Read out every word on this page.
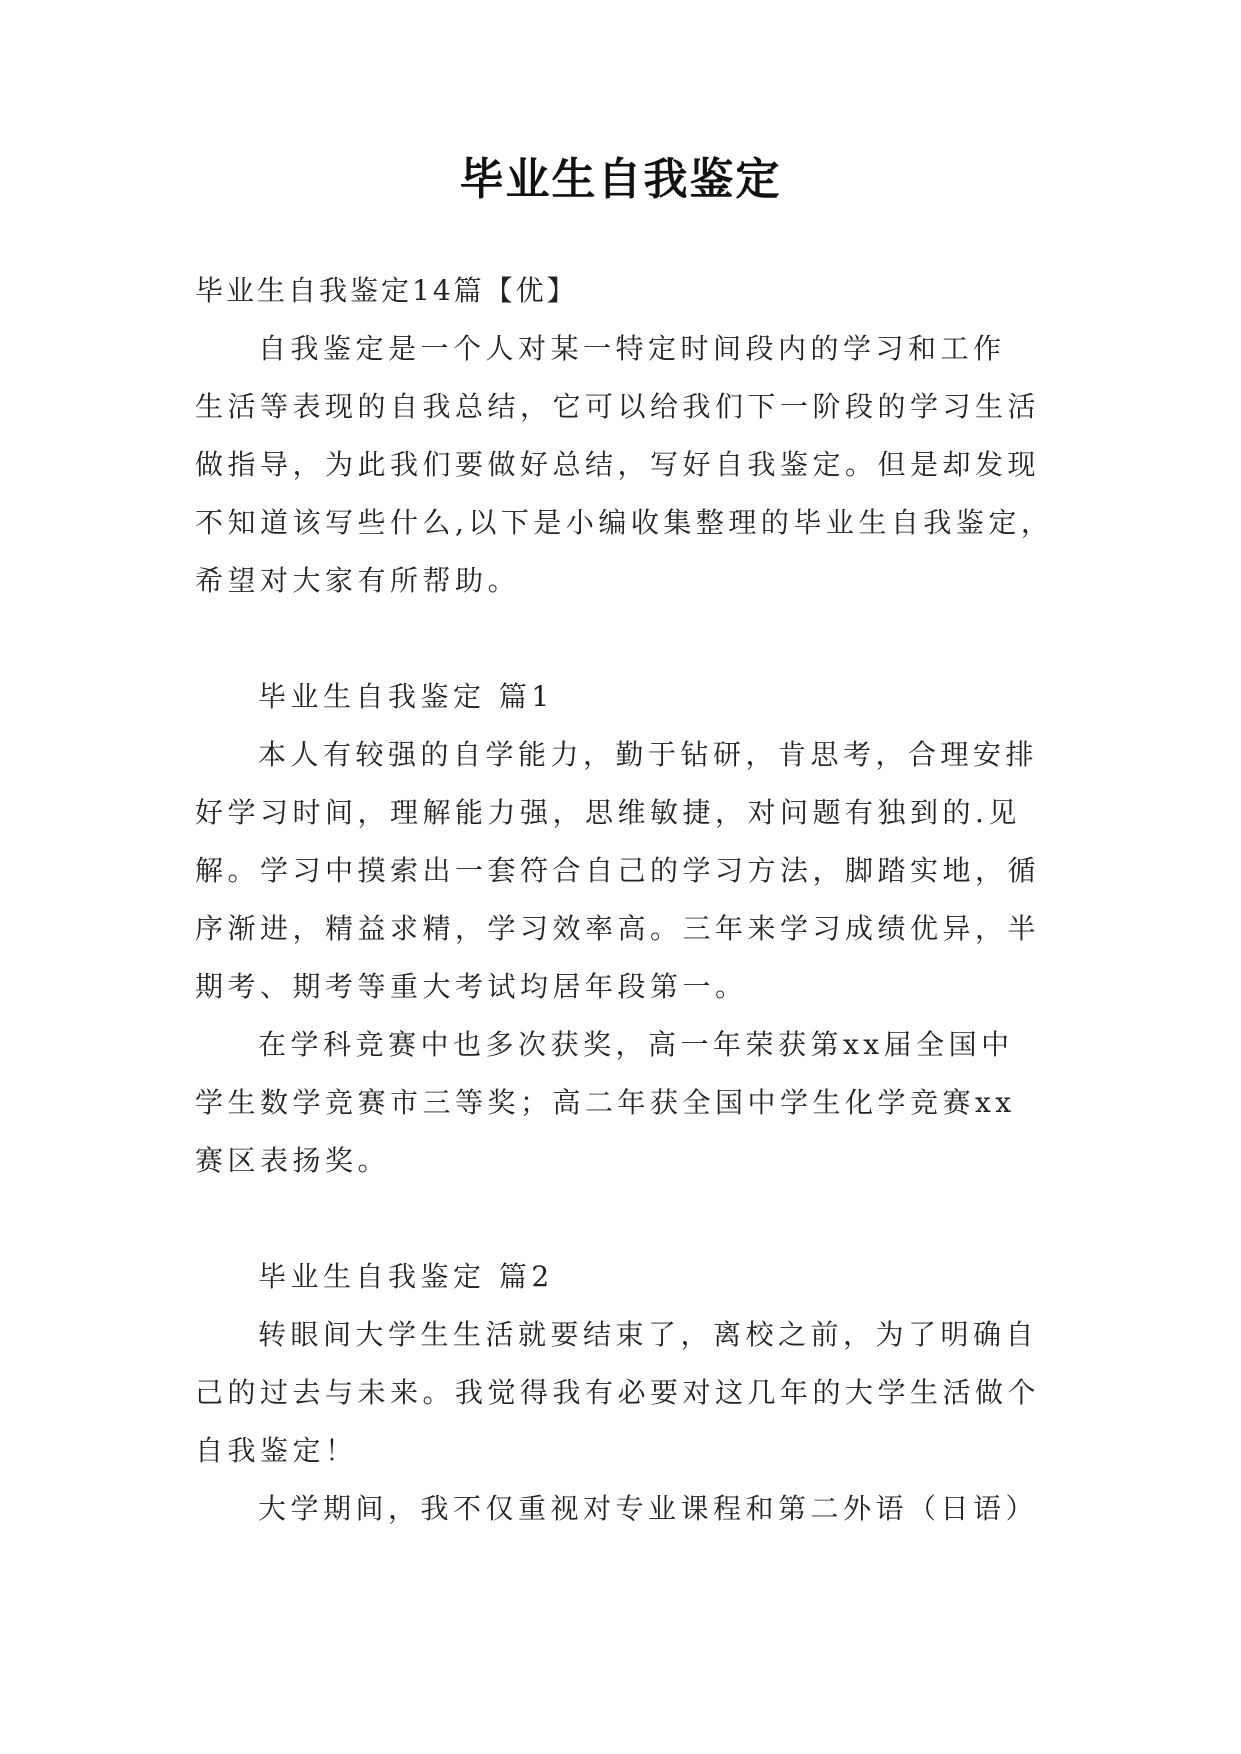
毕业生自我鉴定
毕业生自我鉴定14篇【优】
自我鉴定是一个人对某一特定时间段内的学习和工作
生活等表现的自我总结，它可以给我们下一阶段的学习生活
做指导，为此我们要做好总结，写好自我鉴定。但是却发现
不知道该写些什么,以下是小编收集整理的毕业生自我鉴定，
希望对大家有所帮助。
毕业生自我鉴定 篇1
本人有较强的自学能力，勤于钻研，肯思考，合理安排
好学习时间，理解能力强，思维敏捷，对问题有独到的.见
解。学习中摸索出一套符合自己的学习方法，脚踏实地，循
序渐进，精益求精，学习效率高。三年来学习成绩优异，半
期考、期考等重大考试均居年段第一。
在学科竞赛中也多次获奖，高一年荣获第xx届全国中
学生数学竞赛市三等奖；高二年获全国中学生化学竞赛xx
赛区表扬奖。
毕业生自我鉴定 篇2
转眼间大学生生活就要结束了，离校之前，为了明确自
己的过去与未来。我觉得我有必要对这几年的大学生活做个
自我鉴定！
大学期间，我不仅重视对专业课程和第二外语（日语）
